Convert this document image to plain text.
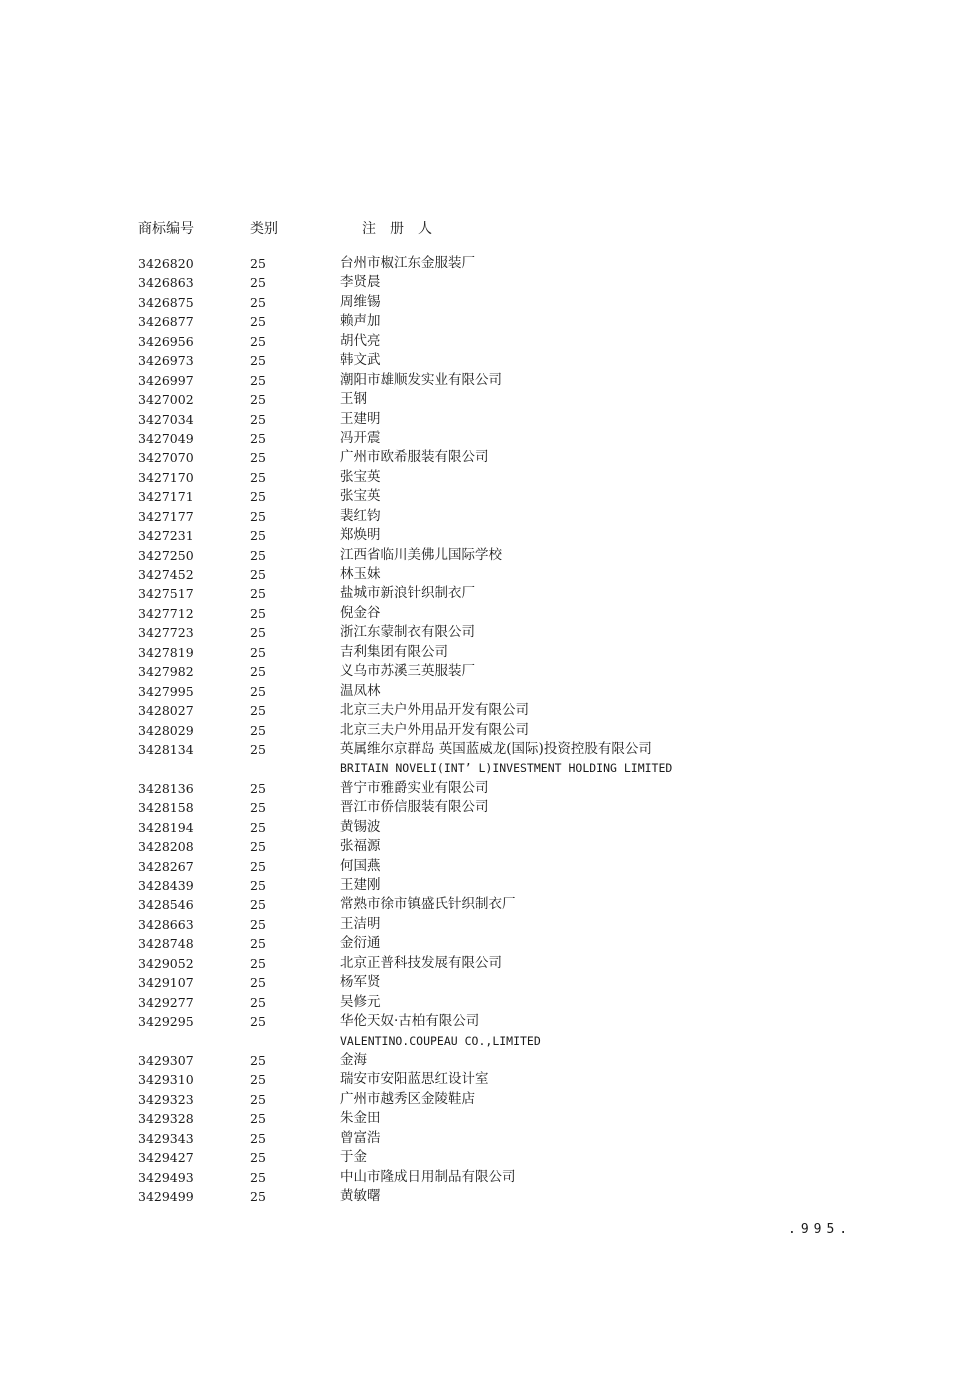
商标编号	类别	注册人
3426820	25	台州市椒江东金服装厂
3426863	25	李贤晨
3426875	25	周维锡
3426877	25	赖声加
3426956	25	胡代亮
3426973	25	韩文武
3426997	25	潮阳市雄顺发实业有限公司
3427002	25	王钢
3427034	25	王建明
3427049	25	冯开震
3427070	25	广州市欧希服装有限公司
3427170	25	张宝英
3427171	25	张宝英
3427177	25	裴红钧
3427231	25	郑焕明
3427250	25	江西省临川美佛儿国际学校
3427452	25	林玉妹
3427517	25	盐城市新浪针织制衣厂
3427712	25	倪金谷
3427723	25	浙江东蒙制衣有限公司
3427819	25	吉利集团有限公司
3427982	25	义乌市苏溪三英服装厂
3427995	25	温凤林
3428027	25	北京三夫户外用品开发有限公司
3428029	25	北京三夫户外用品开发有限公司
3428134	25	英属维尔京群岛 英国蓝威龙(国际)投资控股有限公司
BRITAIN NOVELI(INT’ L)INVESTMENT HOLDING LIMITED
3428136	25	普宁市雅爵实业有限公司
3428158	25	晋江市侨信服装有限公司
3428194	25	黄锡波
3428208	25	张福源
3428267	25	何国燕
3428439	25	王建刚
3428546	25	常熟市徐市镇盛氏针织制衣厂
3428663	25	王洁明
3428748	25	金衍通
3429052	25	北京正普科技发展有限公司
3429107	25	杨军贤
3429277	25	吴修元
3429295	25	华伦天奴·古柏有限公司
VALENTINO.COUPEAU CO.,LIMITED
3429307	25	金海
3429310	25	瑞安市安阳蓝思红设计室
3429323	25	广州市越秀区金陵鞋店
3429328	25	朱金田
3429343	25	曾富浩
3429427	25	于金
3429493	25	中山市隆成日用制品有限公司
3429499	25	黄敏曙
.995.
